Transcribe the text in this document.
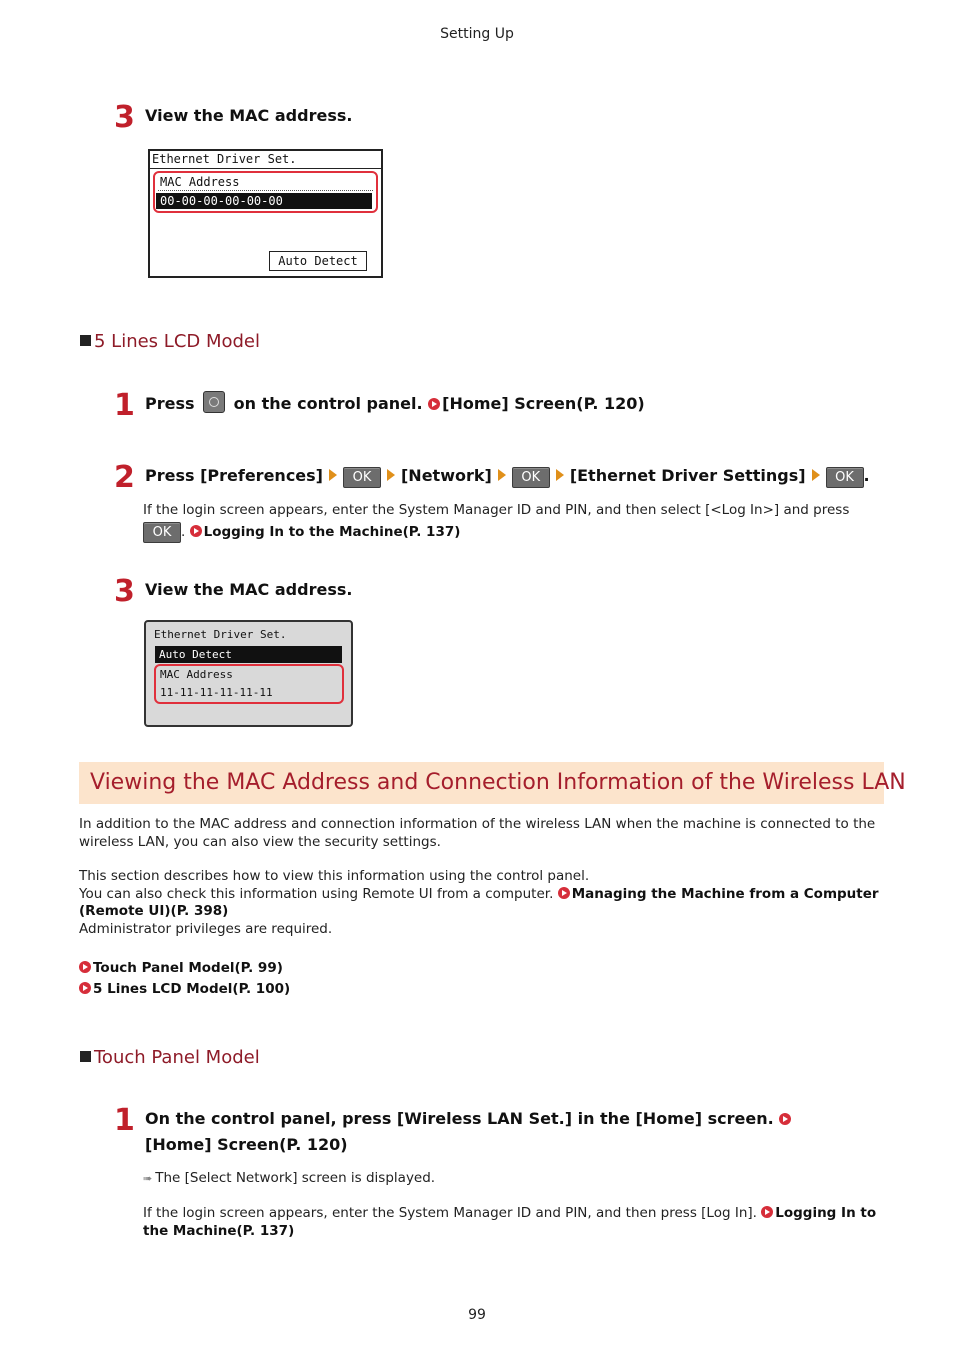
Setting Up
3 View the MAC address.
Ethernet Driver Set.
MAC Address
00-00-00-00-00-00
Auto Detect
5 Lines LCD Model
1 Press on the control panel. [Home] Screen(P. 120)
2 Press [Preferences] OK [Network] OK [Ethernet Driver Settings] OK .
If the login screen appears, enter the System Manager ID and PIN, and then select [<Log In>] and press
OK . Logging In to the Machine(P. 137)
3 View the MAC address.
Ethernet Driver Set.
Auto Detect
MAC Address
11-11-11-11-11-11
Viewing the MAC Address and Connection Information of the Wireless LAN
In addition to the MAC address and connection information of the wireless LAN when the machine is connected to the wireless LAN, you can also view the security settings.
This section describes how to view this information using the control panel.
You can also check this information using Remote UI from a computer. Managing the Machine from a Computer (Remote UI)(P. 398)
Administrator privileges are required.
Touch Panel Model(P. 99)
5 Lines LCD Model(P. 100)
Touch Panel Model
1 On the control panel, press [Wireless LAN Set.] in the [Home] screen. [Home] Screen(P. 120)
➠ The [Select Network] screen is displayed.
If the login screen appears, enter the System Manager ID and PIN, and then press [Log In]. Logging In to the Machine(P. 137)
99
